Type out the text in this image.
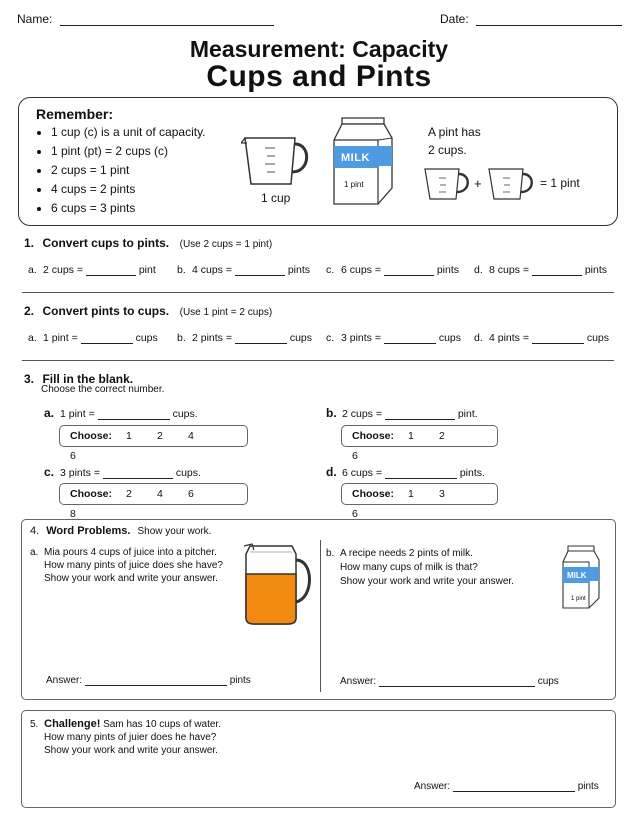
Name:	Date:
Measurement: Capacity
Cups and Pints
Remember:
• 1 cup (c) is a unit of capacity.
• 1 pint (pt) = 2 cups (c)
• 2 cups = 1 pint
• 4 cups = 2 pints
• 6 cups = 3 pints
1 cup
MILK
1 pint
A pint has
2 cups.
+	= 1 pint
1. Convert cups to pints. (Use 2 cups = 1 pint)
a. 2 cups =	pint b. 4 cups =	pints c. 6 cups =	pints d. 8 cups =	pints
2. Convert pints to cups. (Use 1 pint = 2 cups)
a. 1 pint =	cups b. 2 pints =	cups c. 3 pints =	cups d. 4 pints =	cups
3. Fill in the blank.
Choose the correct number.
a. 1 pint =	cups.
Choose: 1 2 46
b. 2 cups =	pint.
Choose: 1 26
c. 3 pints =	cups.
Choose: 2 4 68
d. 6 cups =	pints.
Choose: 1 36
4. Word Problems. Show your work.
a. Mia pours 4 cups of juice into a pitcher.
How many pints of juice does she have?
Show your work and write your answer.
Answer:	pints
b. A recipe needs 2 pints of milk.
How many cups of milk is that?
Show your work and write your answer.
MILK
1 pint
Answer:	cups
5. Challenge! Sam has 10 cups of water.
How many pints of juier does he have?
Show your work and write your answer.
Answer:	pints
